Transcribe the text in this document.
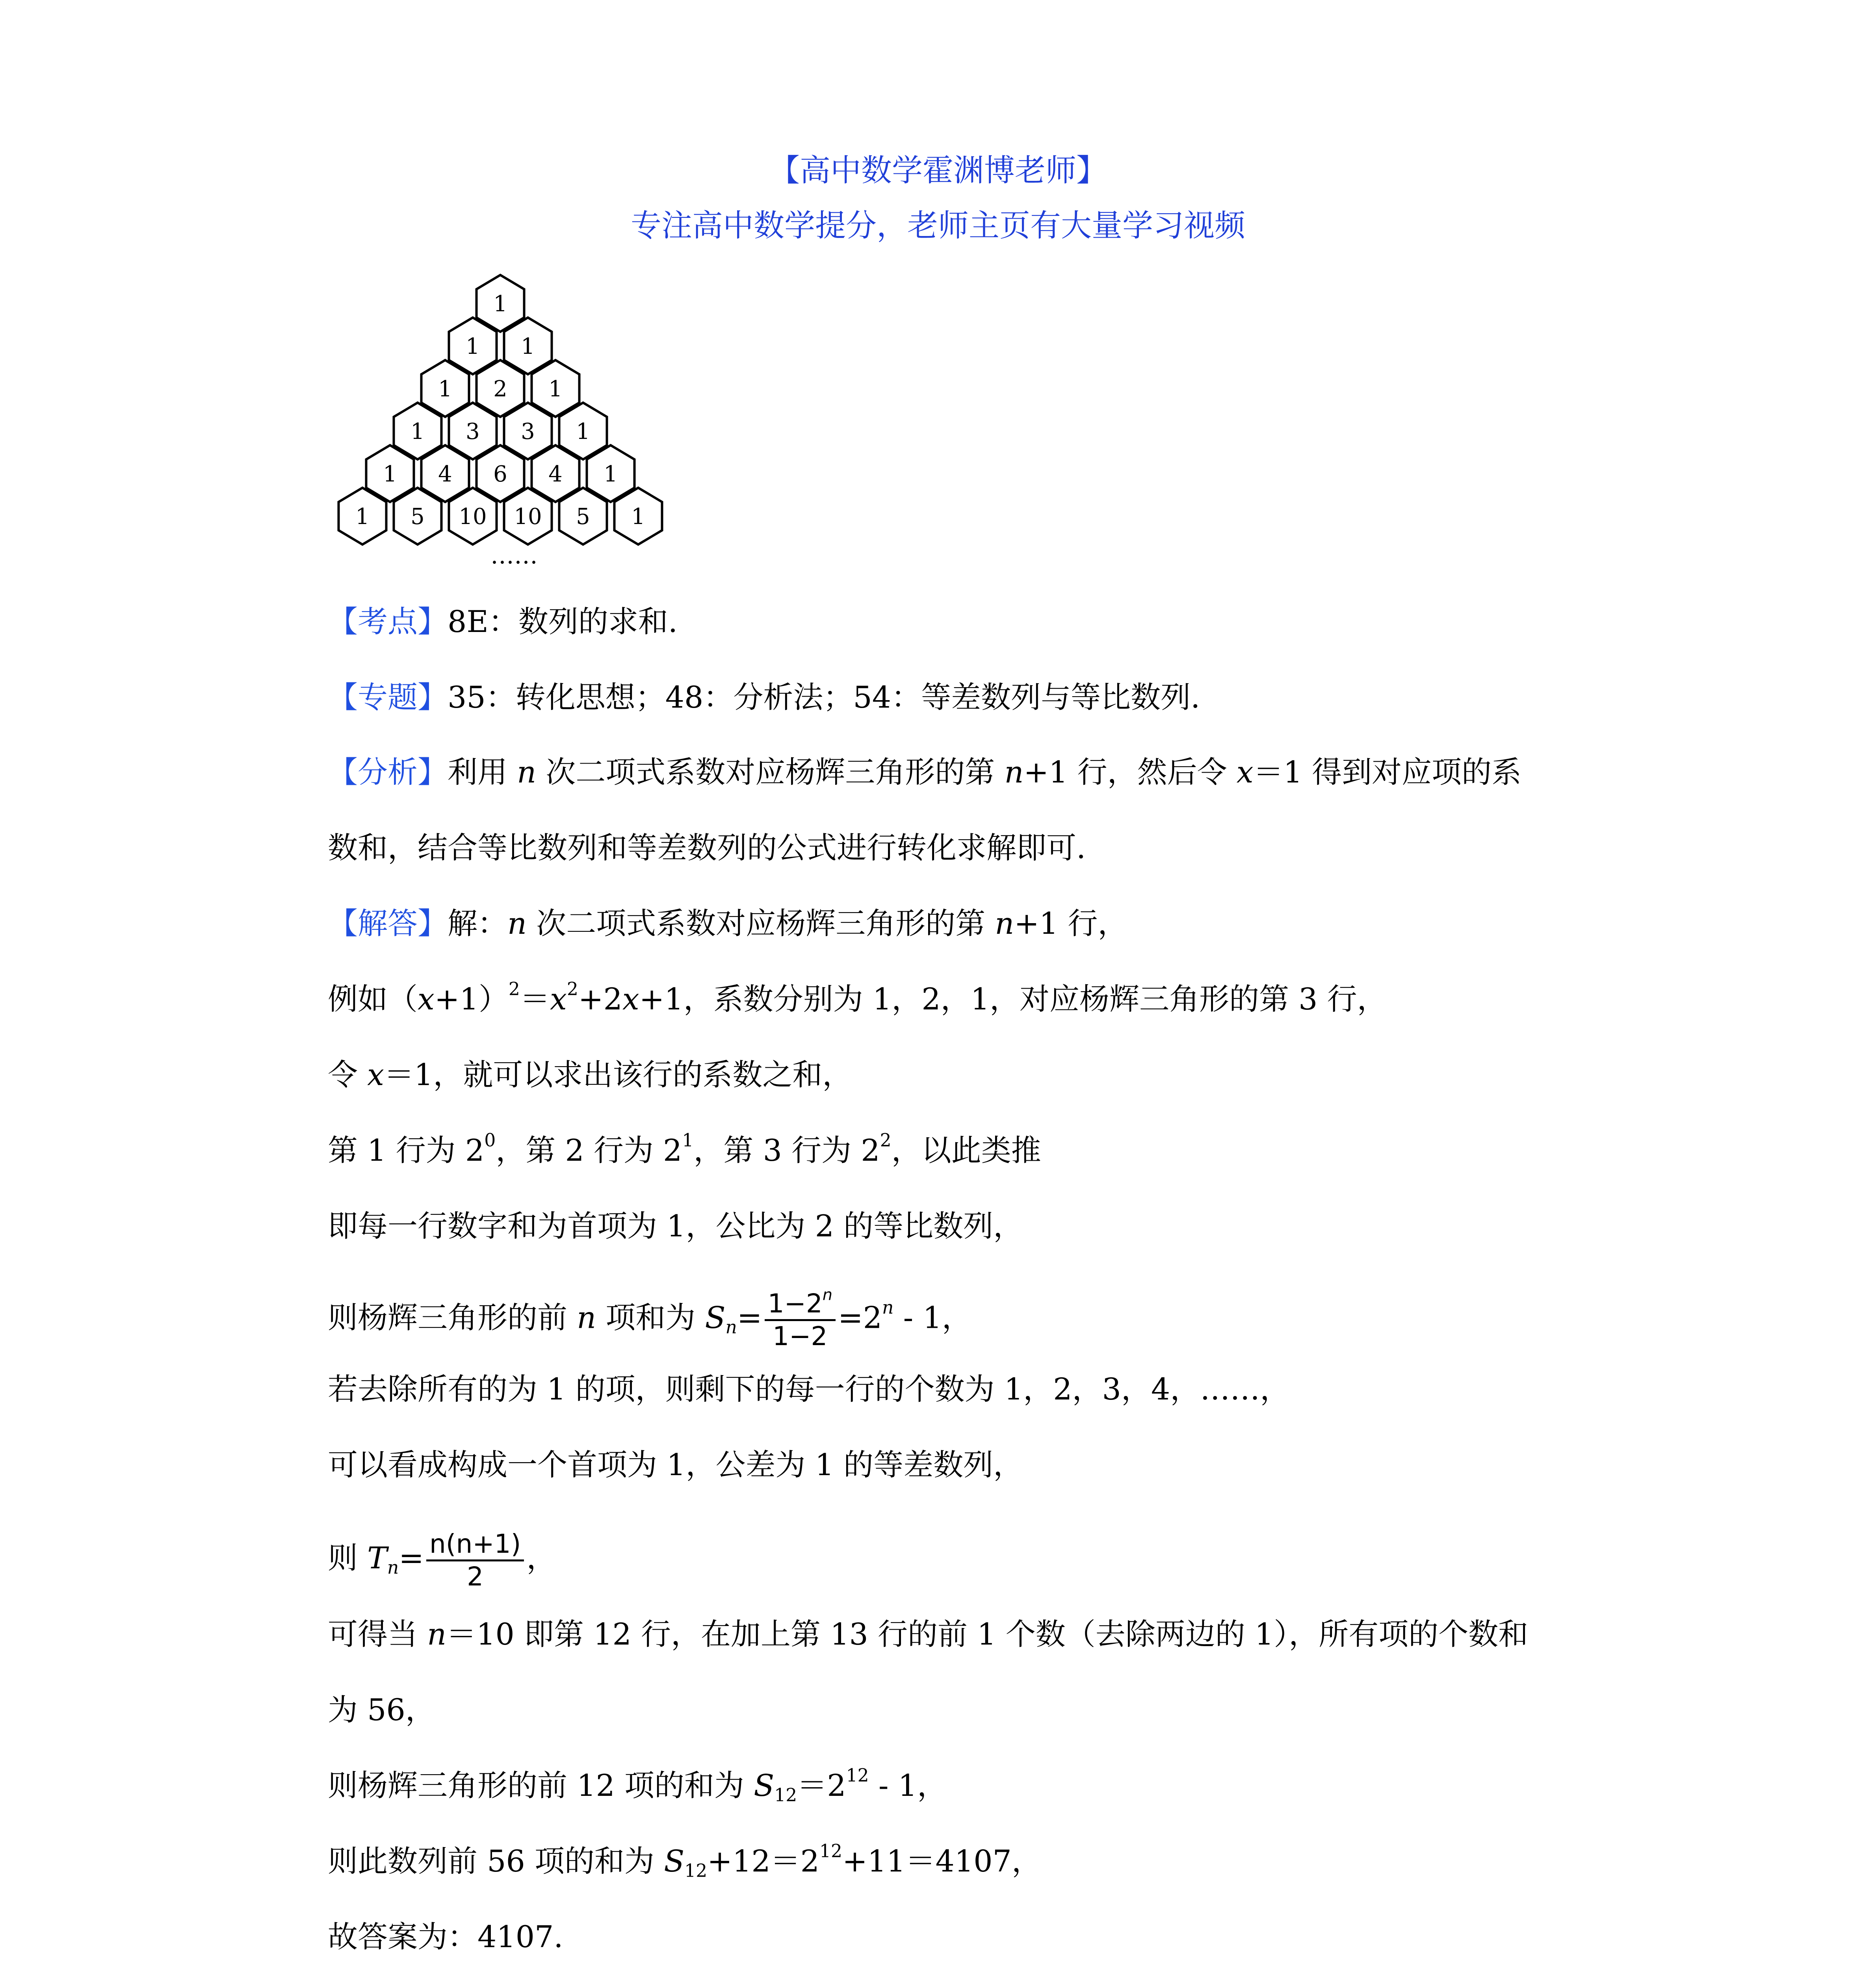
【高中数学霍渊博老师】
专注高中数学提分，老师主页有大量学习视频
1
1 1
1 2 1
1 3 3 1
1 4 6 4 1
1 5 10 10 5 1
……
【考点】8E：数列的求和.
【专题】35：转化思想；48：分析法；54：等差数列与等比数列.
【分析】利用 n 次二项式系数对应杨辉三角形的第 n+1 行，然后令 x＝1 得到对应项的系
数和，结合等比数列和等差数列的公式进行转化求解即可.
【解答】解：n 次二项式系数对应杨辉三角形的第 n+1 行，
例如$(x+1)^2=x^2+2x+1$，系数分别为 1，2，1，对应杨辉三角形的第 3 行，
令 x＝1，就可以求出该行的系数之和，
第 1 行为 $2^0$，第 2 行为 $2^1$，第 3 行为 $2^2$，以此类推
即每一行数字和为首项为 1，公比为 2 的等比数列，
则杨辉三角形的前 n 项和为 $S_n= \frac{1-2^n}{1-2} =2^n - 1$，
若去除所有的为 1 的项，则剩下的每一行的个数为 1，2，3，4，……，
可以看成构成一个首项为 1，公差为 1 的等差数列，
则 $T_n= \frac{n(n+1)}{2}$ ，
可得当 n＝10 即第 12 行，在加上第 13 行的前 1 个数（去除两边的 1），所有项的个数和
为 56，
则杨辉三角形的前 12 项的和为 $S_{12}=2^{12} - 1$，
则此数列前 56 项的和为 $S_{12}+12=2^{12}+11=4107$，
故答案为：4107.
